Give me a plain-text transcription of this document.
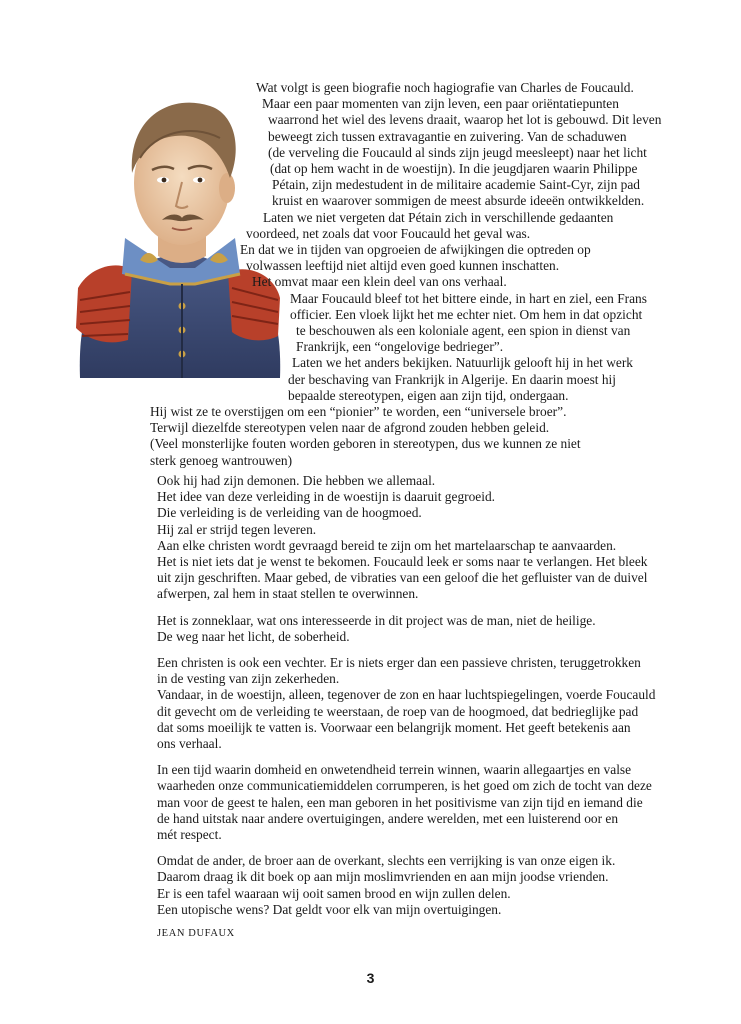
Wat volgt is geen biografie noch hagiografie van Charles de Foucauld.
Maar een paar momenten van zijn leven, een paar oriëntatiepunten
waarrond het wiel des levens draait, waarop het lot is gebouwd. Dit leven
beweegt zich tussen extravagantie en zuivering. Van de schaduwen
(de verveling die Foucauld al sinds zijn jeugd meesleept) naar het licht
(dat op hem wacht in de woestijn). In die jeugdjaren waarin Philippe
Pétain, zijn medestudent in de militaire academie Saint-Cyr, zijn pad
kruist en waarover sommigen de meest absurde ideeën ontwikkelden.
Laten we niet vergeten dat Pétain zich in verschillende gedaanten
voordeed, net zoals dat voor Foucauld het geval was.
En dat we in tijden van opgroeien de afwijkingen die optreden op
volwassen leeftijd niet altijd even goed kunnen inschatten.
Het omvat maar een klein deel van ons verhaal.
Maar Foucauld bleef tot het bittere einde, in hart en ziel, een Frans
officier. Een vloek lijkt het me echter niet. Om hem in dat opzicht
te beschouwen als een koloniale agent, een spion in dienst van
Frankrijk, een “ongelovige bedrieger”.
Laten we het anders bekijken. Natuurlijk gelooft hij in het werk
der beschaving van Frankrijk in Algerije. En daarin moest hij
bepaalde stereotypen, eigen aan zijn tijd, ondergaan.
Hij wist ze te overstijgen om een “pionier” te worden, een “universele broer”.
Terwijl diezelfde stereotypen velen naar de afgrond zouden hebben geleid.
(Veel monsterlijke fouten worden geboren in stereotypen, dus we kunnen ze niet
sterk genoeg wantrouwen)
Ook hij had zijn demonen. Die hebben we allemaal.
Het idee van deze verleiding in de woestijn is daaruit gegroeid.
Die verleiding is de verleiding van de hoogmoed.
Hij zal er strijd tegen leveren.
Aan elke christen wordt gevraagd bereid te zijn om het martelaarschap te aanvaarden.
Het is niet iets dat je wenst te bekomen. Foucauld leek er soms naar te verlangen. Het bleek
uit zijn geschriften. Maar gebed, de vibraties van een geloof die het gefluister van de duivel
afwerpen, zal hem in staat stellen te overwinnen.
Het is zonneklaar, wat ons interesseerde in dit project was de man, niet de heilige.
De weg naar het licht, de soberheid.
Een christen is ook een vechter. Er is niets erger dan een passieve christen, teruggetrokken
in de vesting van zijn zekerheden.
Vandaar, in de woestijn, alleen, tegenover de zon en haar luchtspiegelingen, voerde Foucauld
dit gevecht om de verleiding te weerstaan, de roep van de hoogmoed, dat bedrieglijke pad
dat soms moeilijk te vatten is. Voorwaar een belangrijk moment. Het geeft betekenis aan
ons verhaal.
In een tijd waarin domheid en onwetendheid terrein winnen, waarin allegaartjes en valse
waarheden onze communicatiemiddelen corrumperen, is het goed om zich de tocht van deze
man voor de geest te halen, een man geboren in het positivisme van zijn tijd en iemand die
de hand uitstak naar andere overtuigingen, andere werelden, met een luisterend oor en
mét respect.
Omdat de ander, de broer aan de overkant, slechts een verrijking is van onze eigen ik.
Daarom draag ik dit boek op aan mijn moslimvrienden en aan mijn joodse vrienden.
Er is een tafel waaraan wij ooit samen brood en wijn zullen delen.
Een utopische wens? Dat geldt voor elk van mijn overtuigingen.
JEAN DUFAUX
3
